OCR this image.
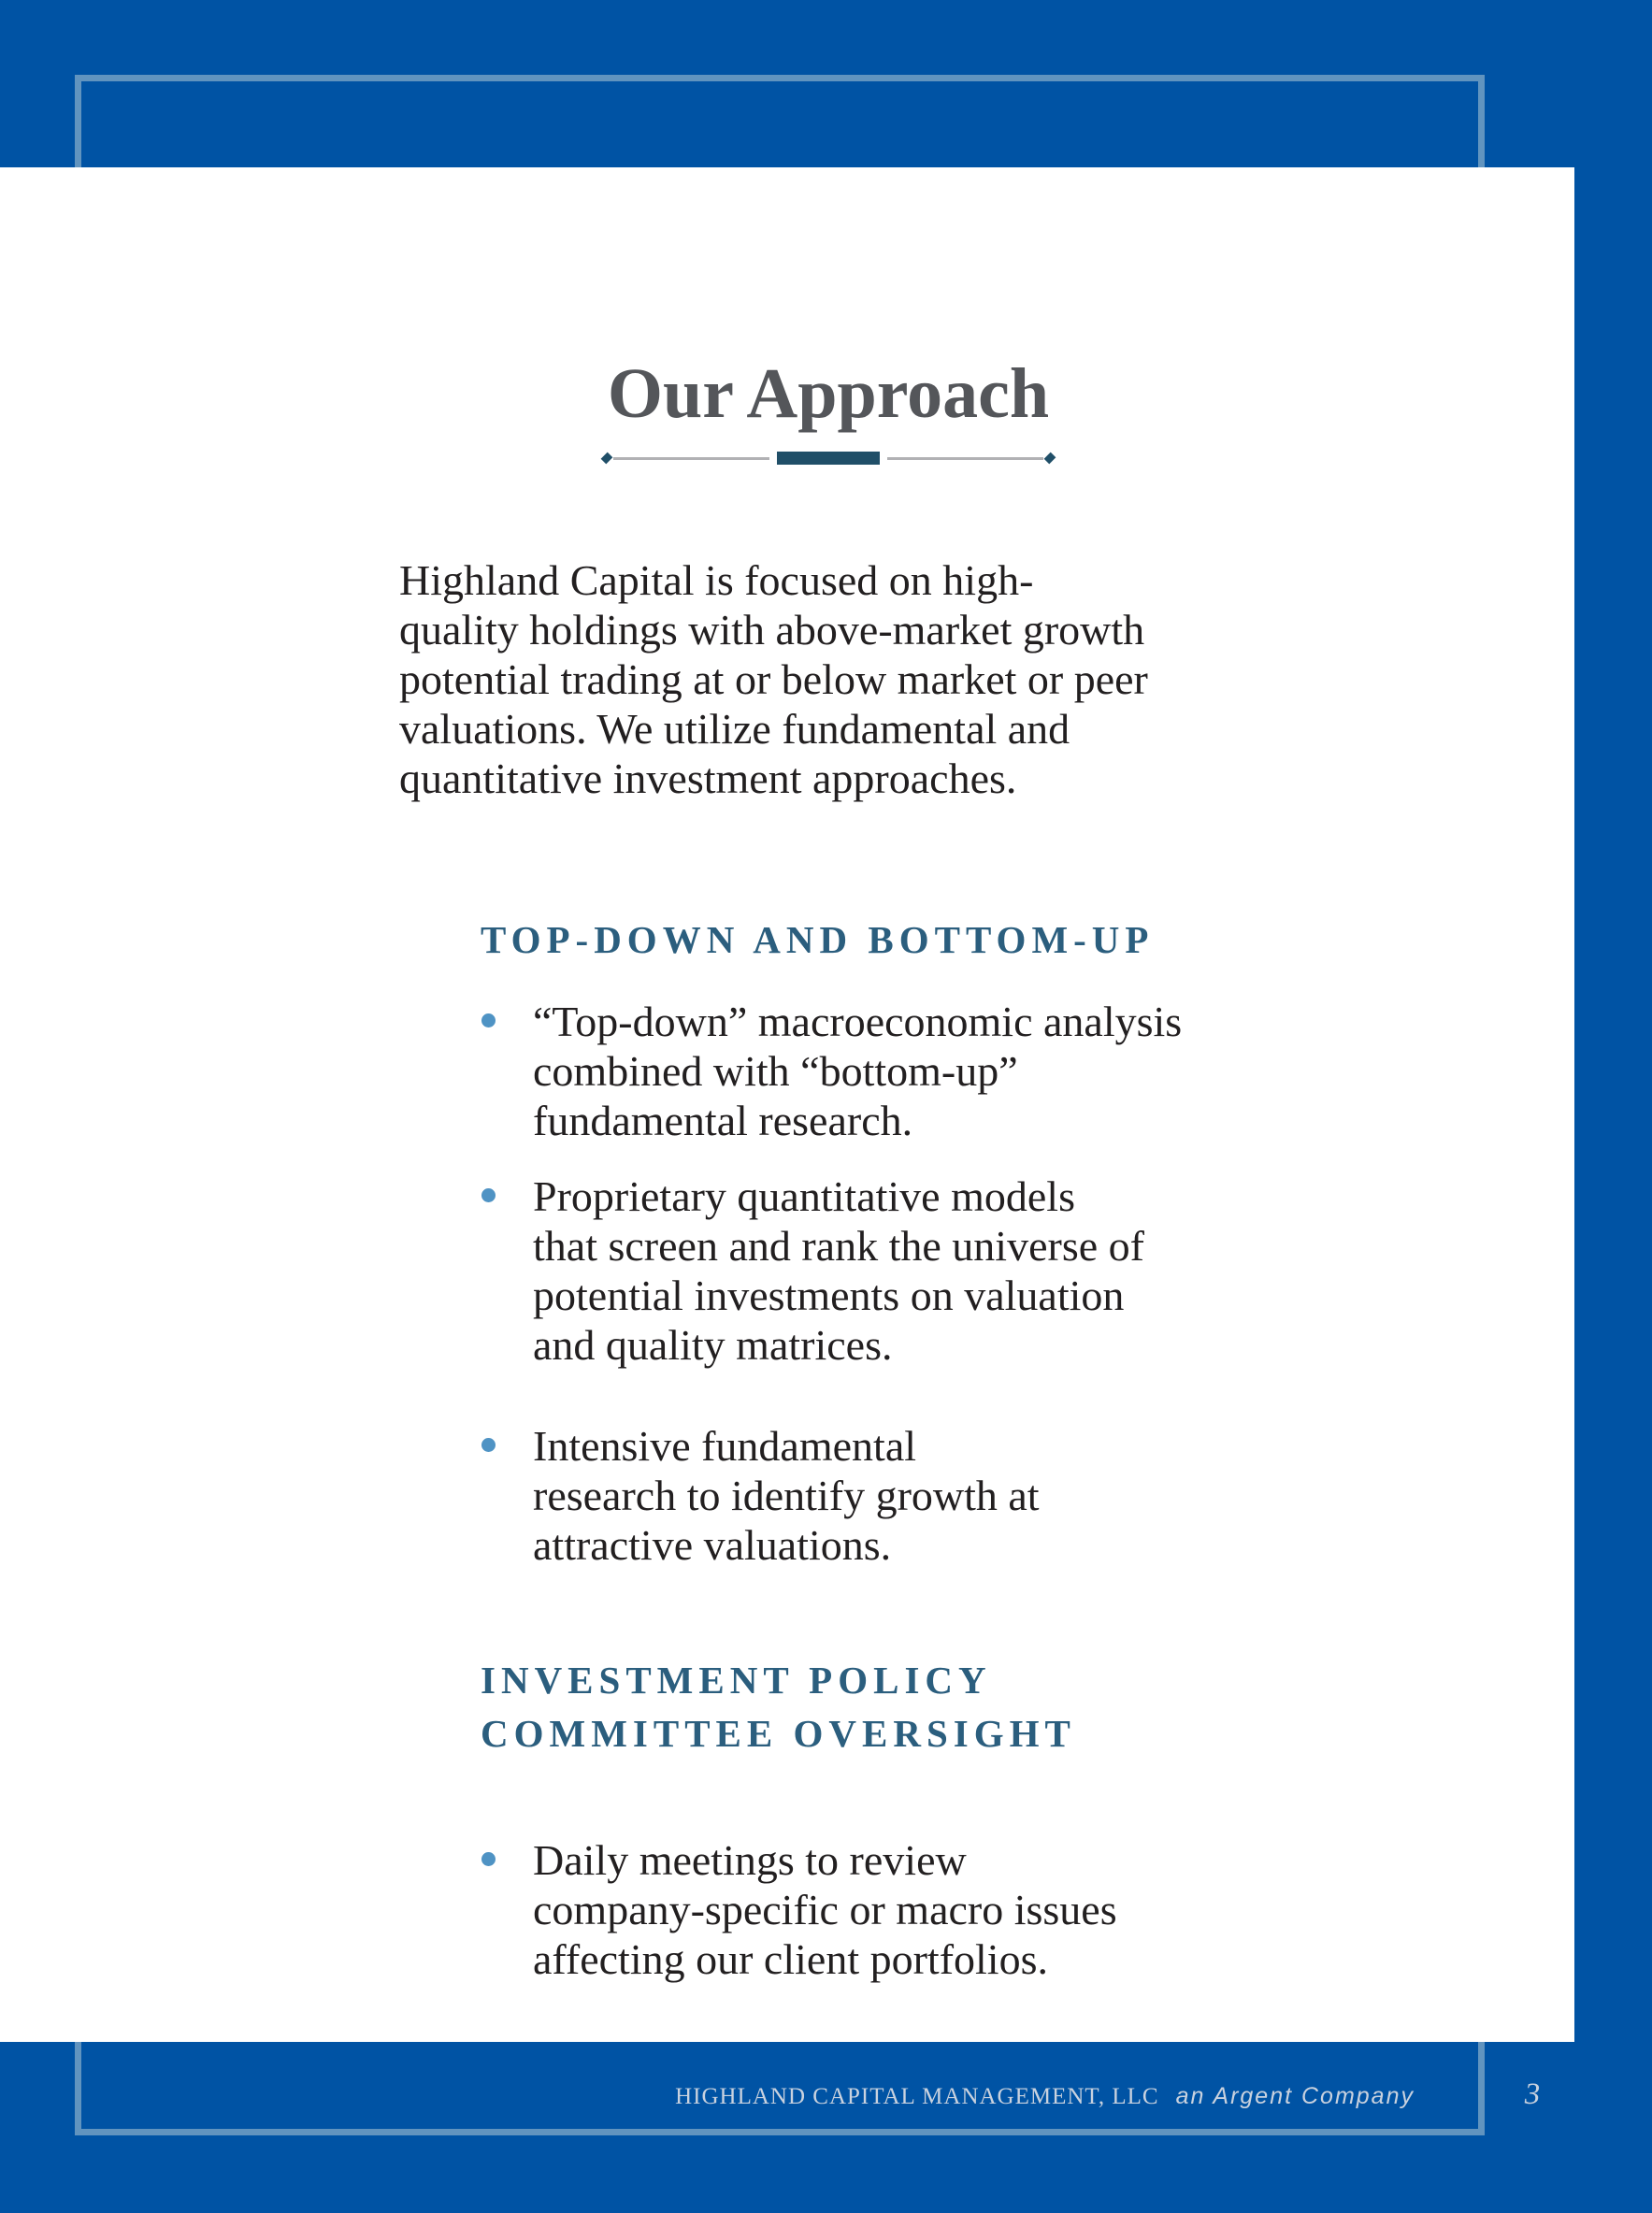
Our Approach
Highland Capital is focused on high-
quality holdings with above-market growth
potential trading at or below market or peer
valuations. We utilize fundamental and
quantitative investment approaches.
TOP-DOWN AND BOTTOM-UP
“Top-down” macroeconomic analysis
combined with “bottom-up”
fundamental research.
Proprietary quantitative models
that screen and rank the universe of
potential investments on valuation
and quality matrices.
Intensive fundamental
research to identify growth at
attractive valuations.
INVESTMENT POLICY
COMMITTEE OVERSIGHT
Daily meetings to review
company-specific or macro issues
affecting our client portfolios.
HIGHLAND CAPITAL MANAGEMENT, LLC an Argent Company	3
